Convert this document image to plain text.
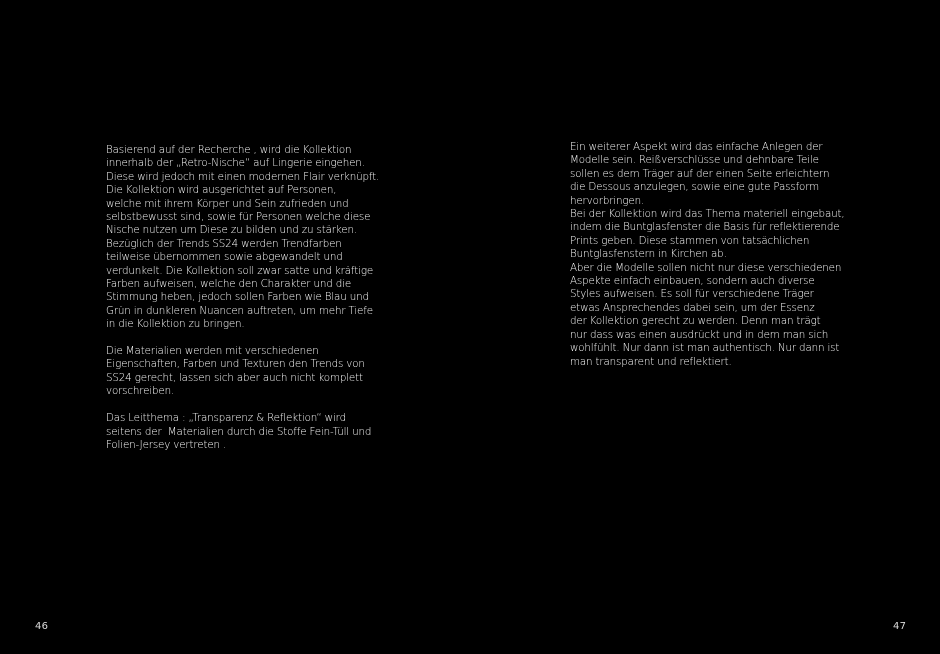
Basierend auf der Recherche , wird die Kollektion
innerhalb der „Retro-Nische“ auf Lingerie eingehen.
Diese wird jedoch mit einen modernen Flair verknüpft.
Die Kollektion wird ausgerichtet auf Personen,
welche mit ihrem Körper und Sein zufrieden und
selbstbewusst sind, sowie für Personen welche diese
Nische nutzen um Diese zu bilden und zu stärken.
Bezüglich der Trends SS24 werden Trendfarben
teilweise übernommen sowie abgewandelt und
verdunkelt. Die Kollektion soll zwar satte und kräftige
Farben aufweisen, welche den Charakter und die
Stimmung heben, jedoch sollen Farben wie Blau und
Grün in dunkleren Nuancen auftreten, um mehr Tiefe
in die Kollektion zu bringen.

Die Materialien werden mit verschiedenen
Eigenschaften, Farben und Texturen den Trends von
SS24 gerecht, lassen sich aber auch nicht komplett
vorschreiben.

Das Leitthema : „Transparenz & Reflektion“ wird
seitens der  Materialien durch die Stoffe Fein-Tüll und
Folien-Jersey vertreten .

46

Ein weiterer Aspekt wird das einfache Anlegen der
Modelle sein. Reißverschlüsse und dehnbare Teile
sollen es dem Träger auf der einen Seite erleichtern
die Dessous anzulegen, sowie eine gute Passform
hervorbringen.
Bei der Kollektion wird das Thema materiell eingebaut,
indem die Buntglasfenster die Basis für reflektierende
Prints geben. Diese stammen von tatsächlichen
Buntglasfenstern in Kirchen ab.
Aber die Modelle sollen nicht nur diese verschiedenen
Aspekte einfach einbauen, sondern auch diverse
Styles aufweisen. Es soll für verschiedene Träger
etwas Ansprechendes dabei sein, um der Essenz
der Kollektion gerecht zu werden. Denn man trägt
nur dass was einen ausdrückt und in dem man sich
wohlfühlt. Nur dann ist man authentisch. Nur dann ist
man transparent und reflektiert.

47
